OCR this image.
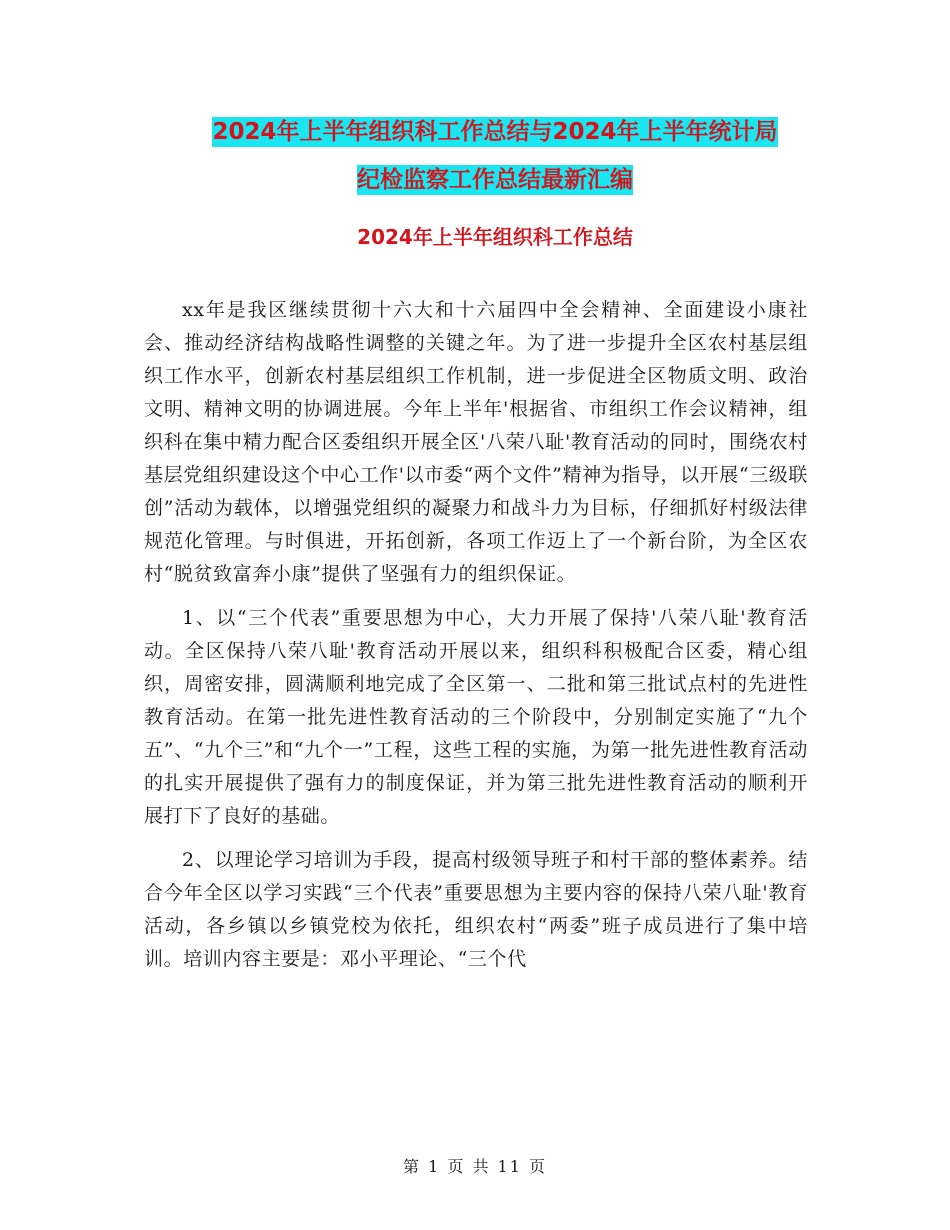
2024年上半年组织科工作总结与2024年上半年统计局
纪检监察工作总结最新汇编
2024年上半年组织科工作总结

xx年是我区继续贯彻十六大和十六届四中全会精神、全面建设小康社会、推动经济结构战略性调整的关键之年。为了进一步提升全区农村基层组织工作水平，创新农村基层组织工作机制，进一步促进全区物质文明、政治文明、精神文明的协调进展。今年上半年'根据省、市组织工作会议精神，组织科在集中精力配合区委组织开展全区'八荣八耻'教育活动的同时，围绕农村基层党组织建设这个中心工作'以市委“两个文件”精神为指导，以开展“三级联创”活动为载体，以增强党组织的凝聚力和战斗力为目标，仔细抓好村级法律规范化管理。与时俱进，开拓创新，各项工作迈上了一个新台阶，为全区农村“脱贫致富奔小康”提供了坚强有力的组织保证。

1、以“三个代表”重要思想为中心，大力开展了保持'八荣八耻'教育活动。全区保持八荣八耻'教育活动开展以来，组织科积极配合区委，精心组织，周密安排，圆满顺利地完成了全区第一、二批和第三批试点村的先进性教育活动。在第一批先进性教育活动的三个阶段中，分别制定实施了“九个五”、“九个三”和“九个一”工程，这些工程的实施，为第一批先进性教育活动的扎实开展提供了强有力的制度保证，并为第三批先进性教育活动的顺利开展打下了良好的基础。

2、以理论学习培训为手段，提高村级领导班子和村干部的整体素养。结合今年全区以学习实践“三个代表”重要思想为主要内容的保持八荣八耻'教育活动，各乡镇以乡镇党校为依托，组织农村“两委”班子成员进行了集中培训。培训内容主要是：邓小平理论、“三个代

第 1 页 共 11 页
